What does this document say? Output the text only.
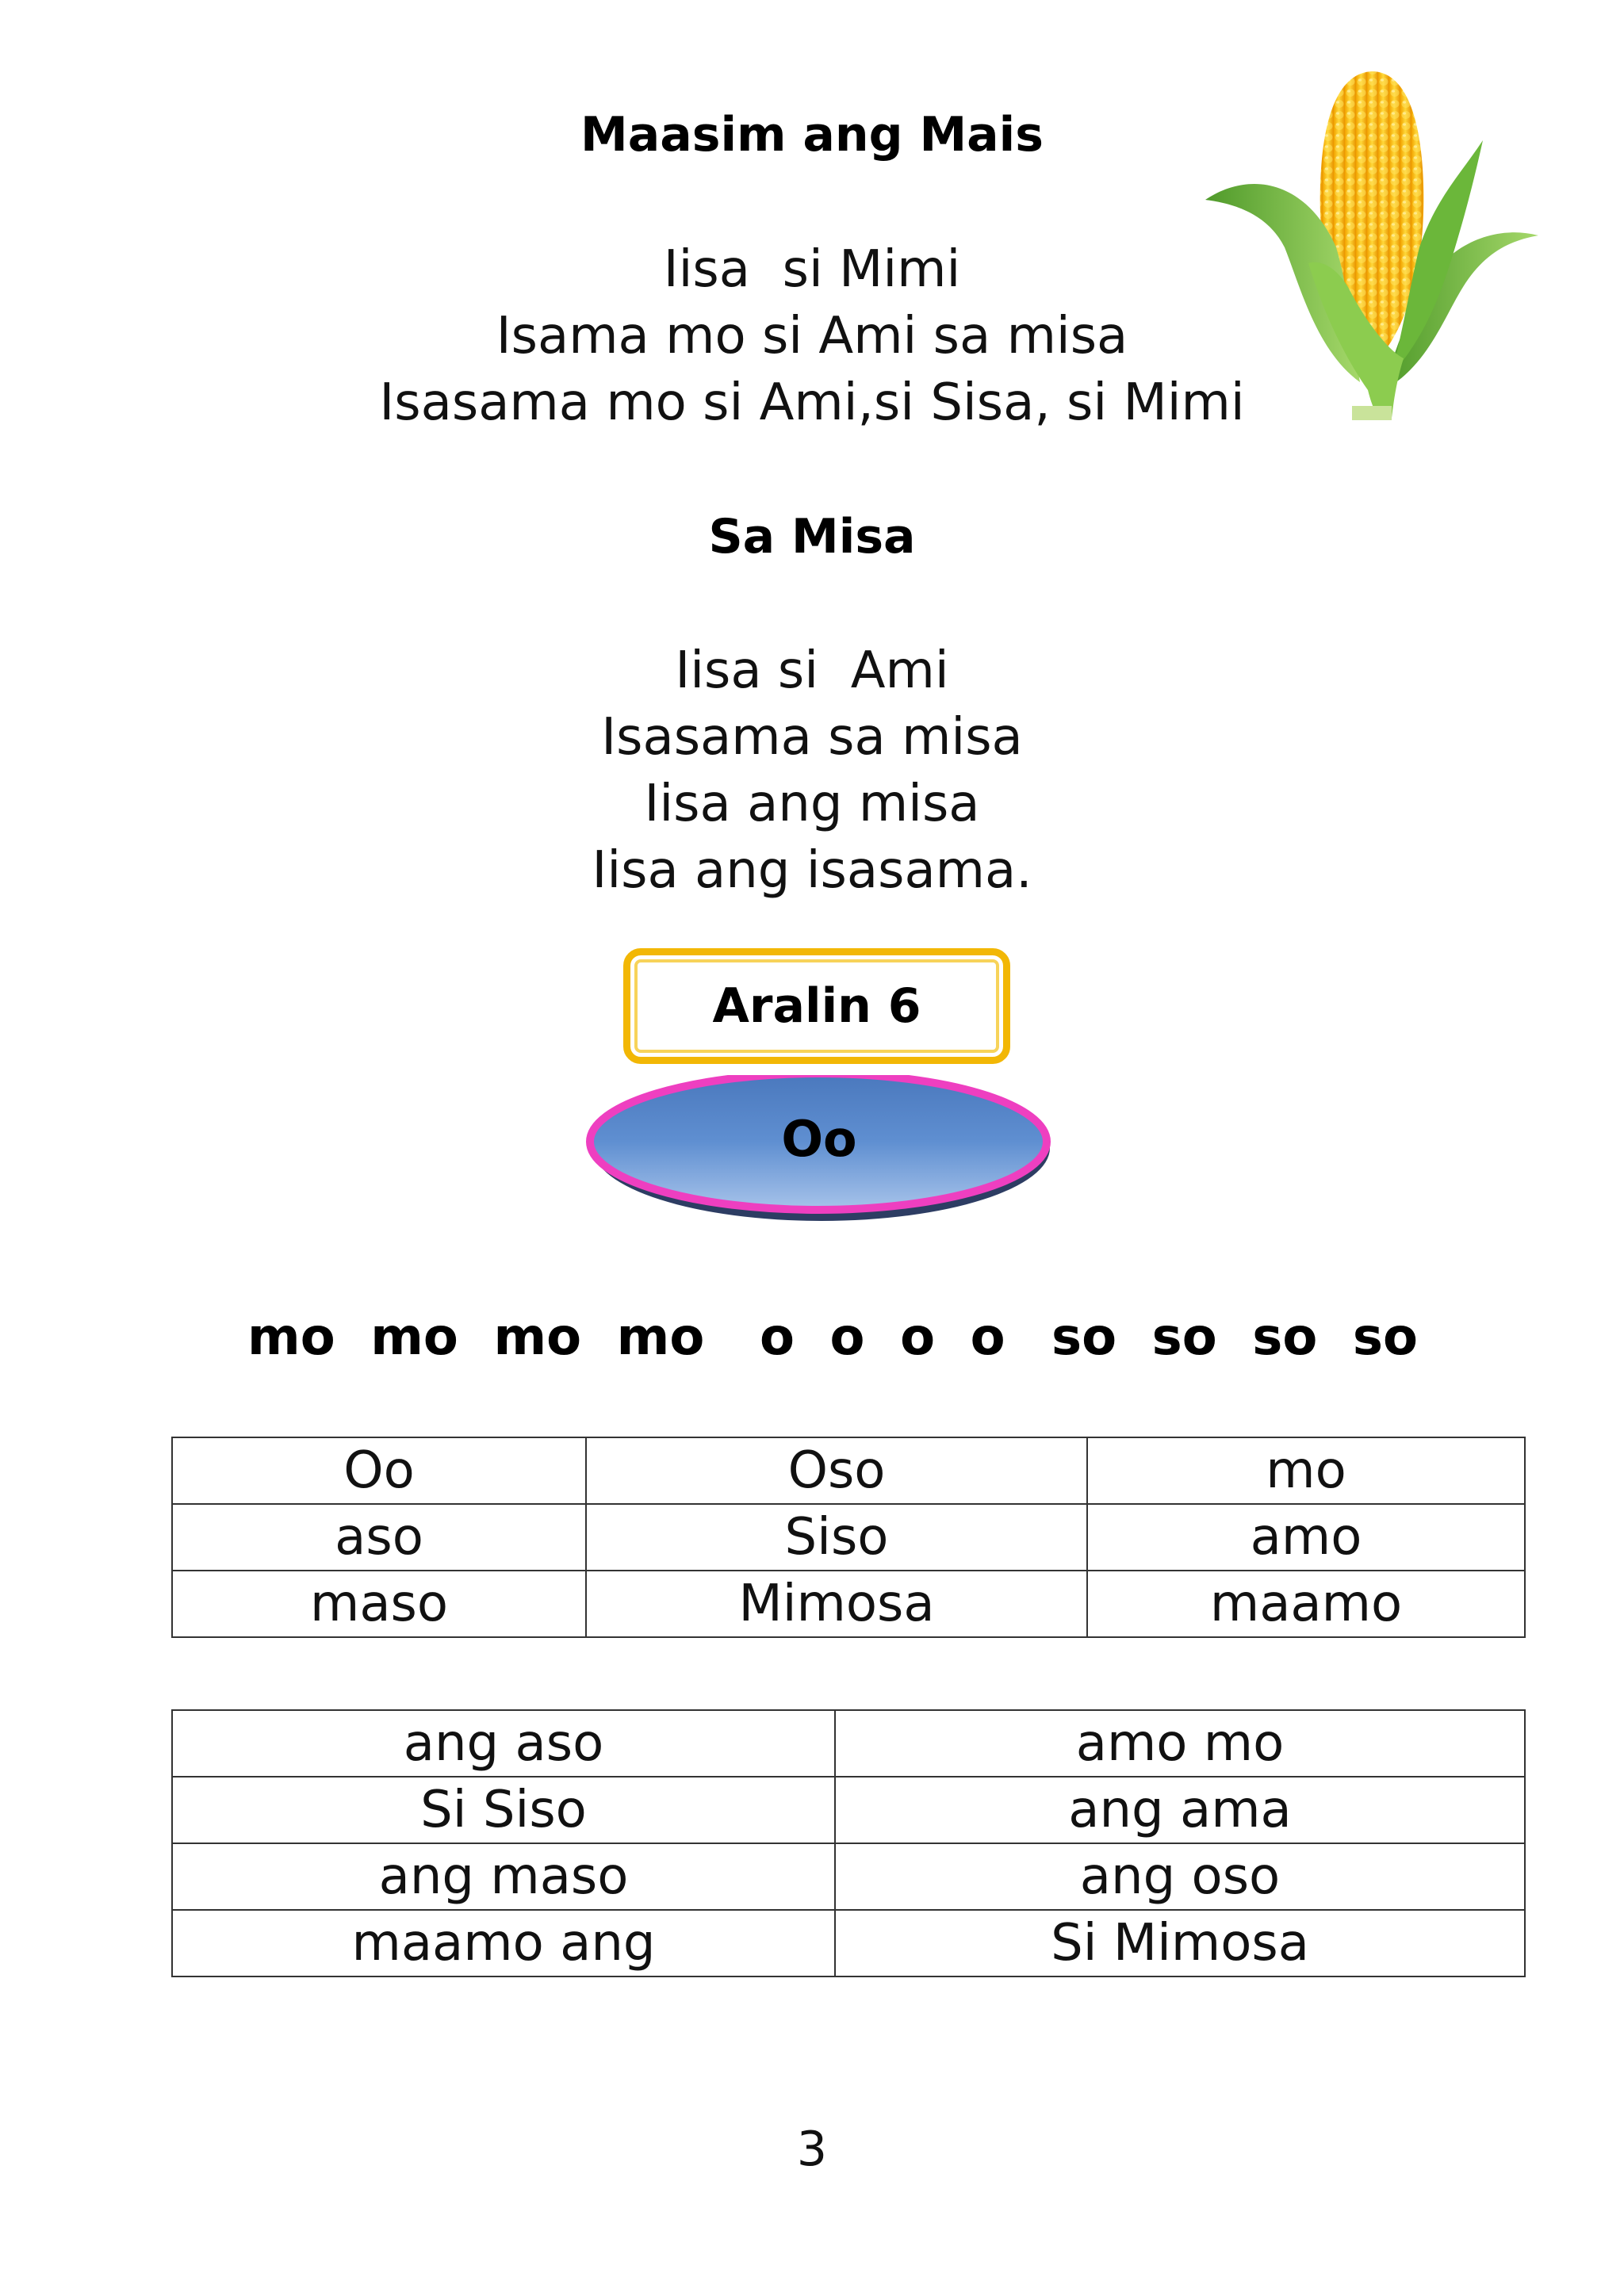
Maasim ang Mais
Iisa  si Mimi
Isama mo si Ami sa misa
Isasama mo si Ami,si Sisa, si Mimi
Sa Misa
Iisa si  Ami
Isasama sa misa
Iisa ang misa
Iisa ang isasama.
Aralin 6
Oo
mo  mo  mo  mo o  o  o  o so  so  so  so
Oo	Oso	mo
aso	Siso	amo
maso	Mimosa	maamo
ang aso	amo mo
Si Siso	ang ama
ang maso	ang oso
maamo ang	Si Mimosa
3
